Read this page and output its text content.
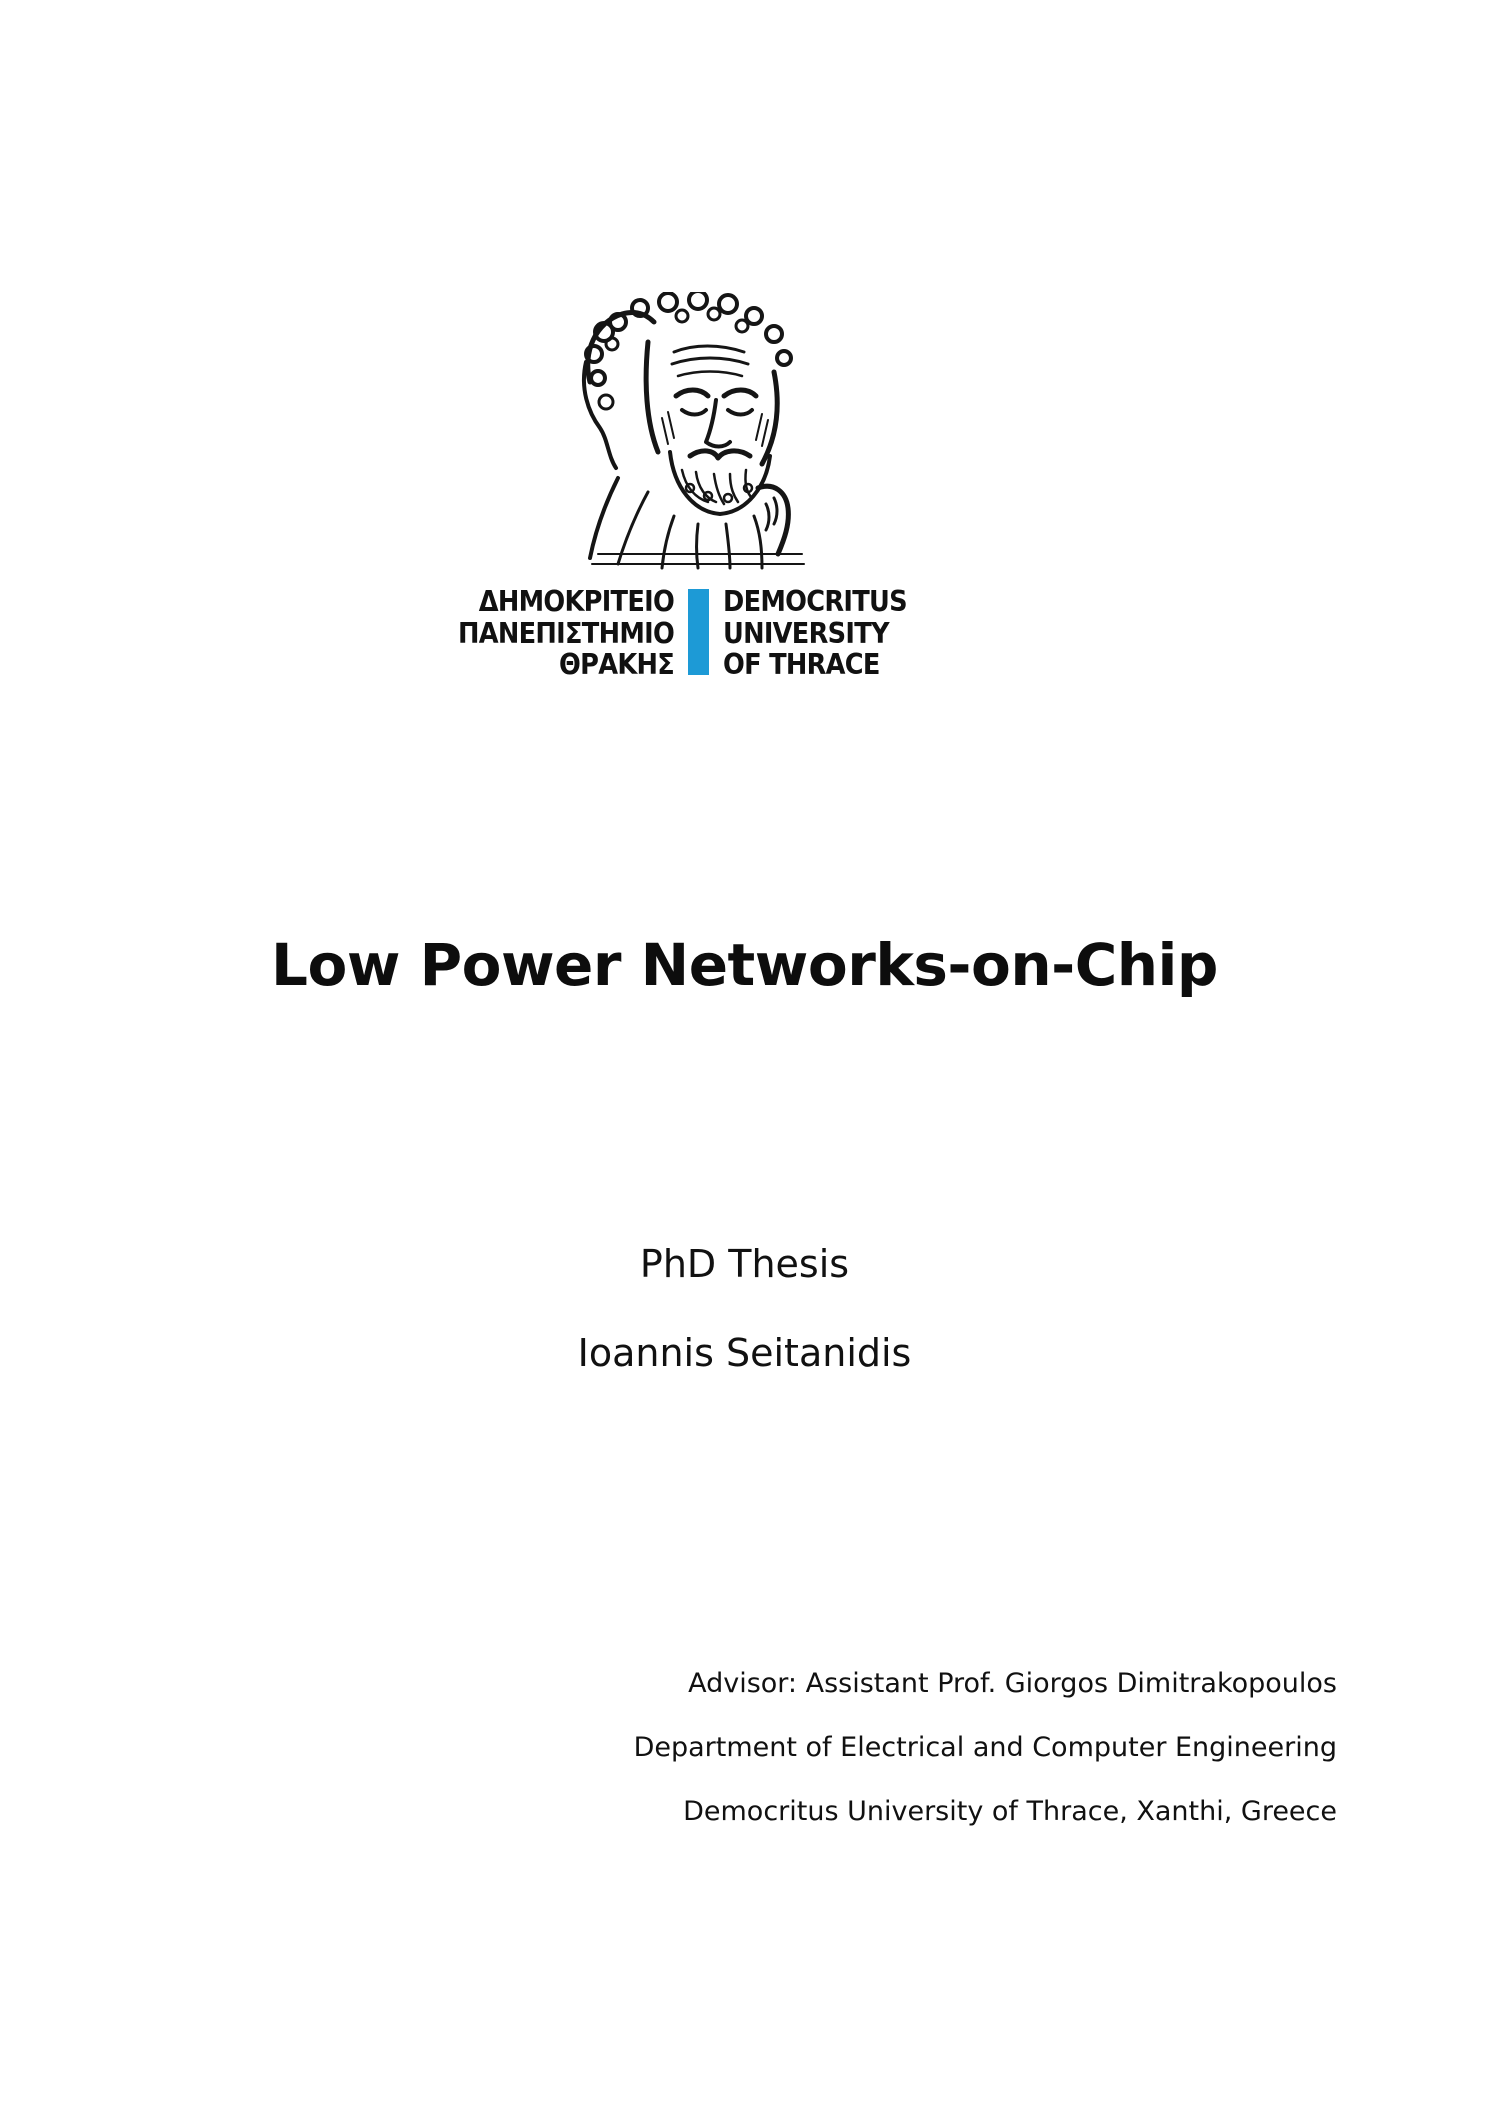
ΔΗΜΟΚΡΙΤΕΙΟ
ΠΑΝΕΠΙΣΤΗΜΙΟ
ΘΡΑΚΗΣ
DEMOCRITUS
UNIVERSITY
OF THRACE
Low Power Networks-on-Chip
PhD Thesis
Ioannis Seitanidis
Advisor: Assistant Prof. Giorgos Dimitrakopoulos
Department of Electrical and Computer Engineering
Democritus University of Thrace, Xanthi, Greece
